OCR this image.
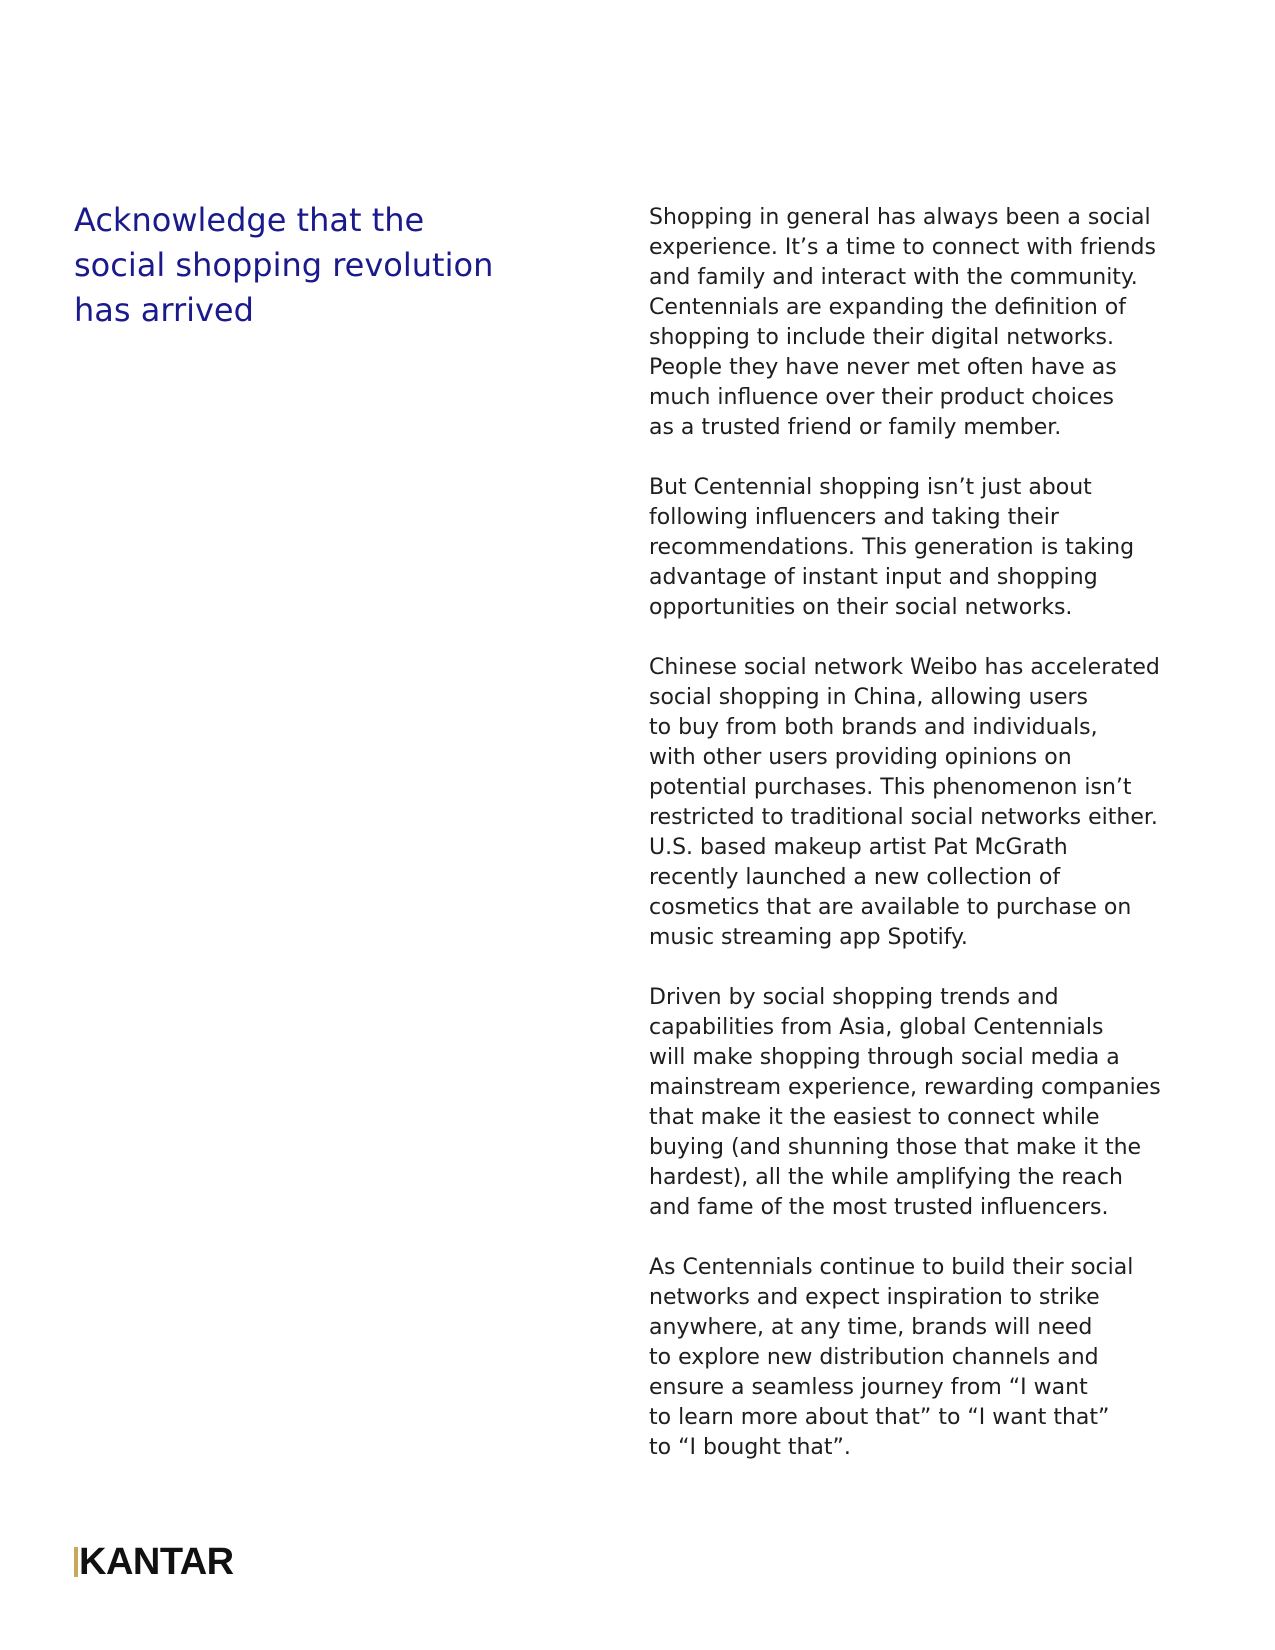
Acknowledge that the
social shopping revolution
has arrived

Shopping in general has always been a social
experience. It’s a time to connect with friends
and family and interact with the community.
Centennials are expanding the definition of
shopping to include their digital networks.
People they have never met often have as
much influence over their product choices
as a trusted friend or family member.

But Centennial shopping isn’t just about
following influencers and taking their
recommendations. This generation is taking
advantage of instant input and shopping
opportunities on their social networks.

Chinese social network Weibo has accelerated
social shopping in China, allowing users
to buy from both brands and individuals,
with other users providing opinions on
potential purchases. This phenomenon isn’t
restricted to traditional social networks either.
U.S. based makeup artist Pat McGrath
recently launched a new collection of
cosmetics that are available to purchase on
music streaming app Spotify.

Driven by social shopping trends and
capabilities from Asia, global Centennials
will make shopping through social media a
mainstream experience, rewarding companies
that make it the easiest to connect while
buying (and shunning those that make it the
hardest), all the while amplifying the reach
and fame of the most trusted influencers.

As Centennials continue to build their social
networks and expect inspiration to strike
anywhere, at any time, brands will need
to explore new distribution channels and
ensure a seamless journey from “I want
to learn more about that” to “I want that”
to “I bought that”.

KANTAR
